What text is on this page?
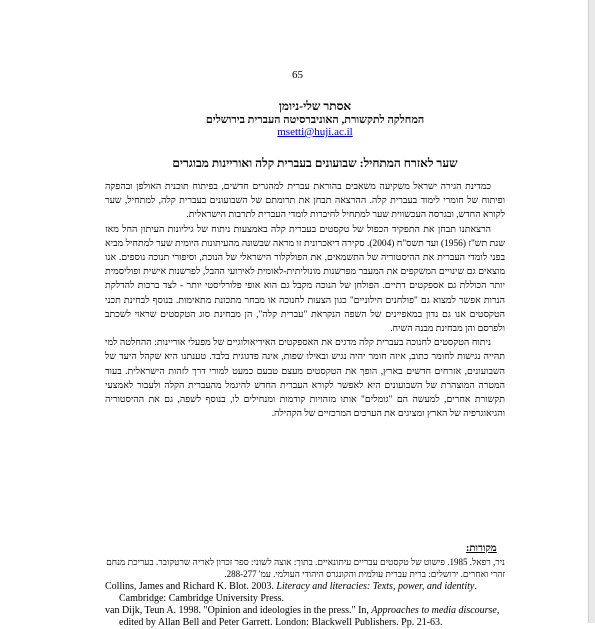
65
אסתר שלי-ניומן
המחלקה לתקשורת, האוניברסיטה העברית בירושלים
msetti@huji.ac.il
שער לאזרח המתחיל: שבועונים בעברית קלה ואוריינות מבוגרים

כמדינת הגירה ישראל משקיעה משאבים בהוראת עברית למהגרים חדשים, בפיתוח תוכנית האולפן ובהפקה ופיתוח של חומרי לימוד בעברית קלה. ההרצאה תבחן את תרומתם של השבועונים בעברית קלה, למתחיל, שער לקורא החדש, ובגרסה העכשווית שער למתחיל לחיברות לומדי העברית לתרבות הישראלית.

הרצאתנו תבחן את התפקיד הכפול של טקסטים בעברית קלה באמצעות ניתוח של גיליונות העיתון החל מאז שנת תש"ז (1956) ועד תשס"ח (2004). סקירה דיאכרונית זו מראה שבשונה מהעיתונות היומית שער למתחיל מביא בפני לומדי העברית את ההיסטוריה של התשמאים, את הפולקלור הישראלי של הנוכת, וסיפורי תנוכה נוספים. אנו מוצאים גם שינויים המשקפים את המעבר מפרשנות מונוליתית-לאומית לאירועי ההבל, לפרשנות אישית ופוליסמית יותר הכוללת גם אספקטים דתיים. הפולחן של הנוכה מקבל גם הוא אופי פלורליסטי יותר - לצד ברכות להדלקת הנרות אפשר למצוא גם "פולחנים חילוניים" כגון הצעות לחנוכה או מבחר מתכונת מתאימות. בנוסף לבחינת תכני הטקסטים אנו גם נדון במאפיינים של השפה הנקראת "עברית קלה", הן מבחינת סוג הטקסטים שראוי לשכתב ולפרסם והן מבחינת מבנה השיח.

ניתוח הטקסטים לחנוכה בעברית קלה מדגים את האספקטים האידיאולוגיים של מפעלי אוריינות: ההחלטה למי תהייה נגישות לחומר כתוב, איזה חומר יהיה נגיש ובאילו שפות, אינה פדגוגית בלבד. טענתנו היא שקהל היעד של השבועונים, אזרחים חדשים בארץ, הופך את הטקסטים מעצם טבעם כמעט למורי דרך לזהות הישראלית. בעוד המטרה המוצהרת של השבועונים היא לאפשר לקורא העברית החדש להיגמל מהעברית הקלה ולעבור לאמצעי תקשורת אחרים, למעשה הם "גומלים" אותו מזהויות קודמות ומנחילים לו, בנוסף לשפה, גם את ההיסטוריה והגיאוגרפיה של הארץ ומציגים את הערכים המרכזיים של הקהילה.

מקורות:
ניר, רפאל. 1985. פישוט של טקסטים עבריים עיתונאיים. בתוך: אוצה לשוני: ספר זכרון לאריה שרטקובר. בעריכת מנחם זהרי ואחרים. ירושלים: ברית עברית עולמית והקונגרס היהודי העולמי. עמ' 288-277.
Collins, James and Richard K. Blot. 2003. Literacy and literacies: Texts, power, and identity.
Cambridge: Cambridge University Press.
van Dijk, Teun A. 1998. "Opinion and ideologies in the press." In, Approaches to media discourse,
edited by Allan Bell and Peter Garrett. London: Blackwell Publishers. Pp. 21-63.
